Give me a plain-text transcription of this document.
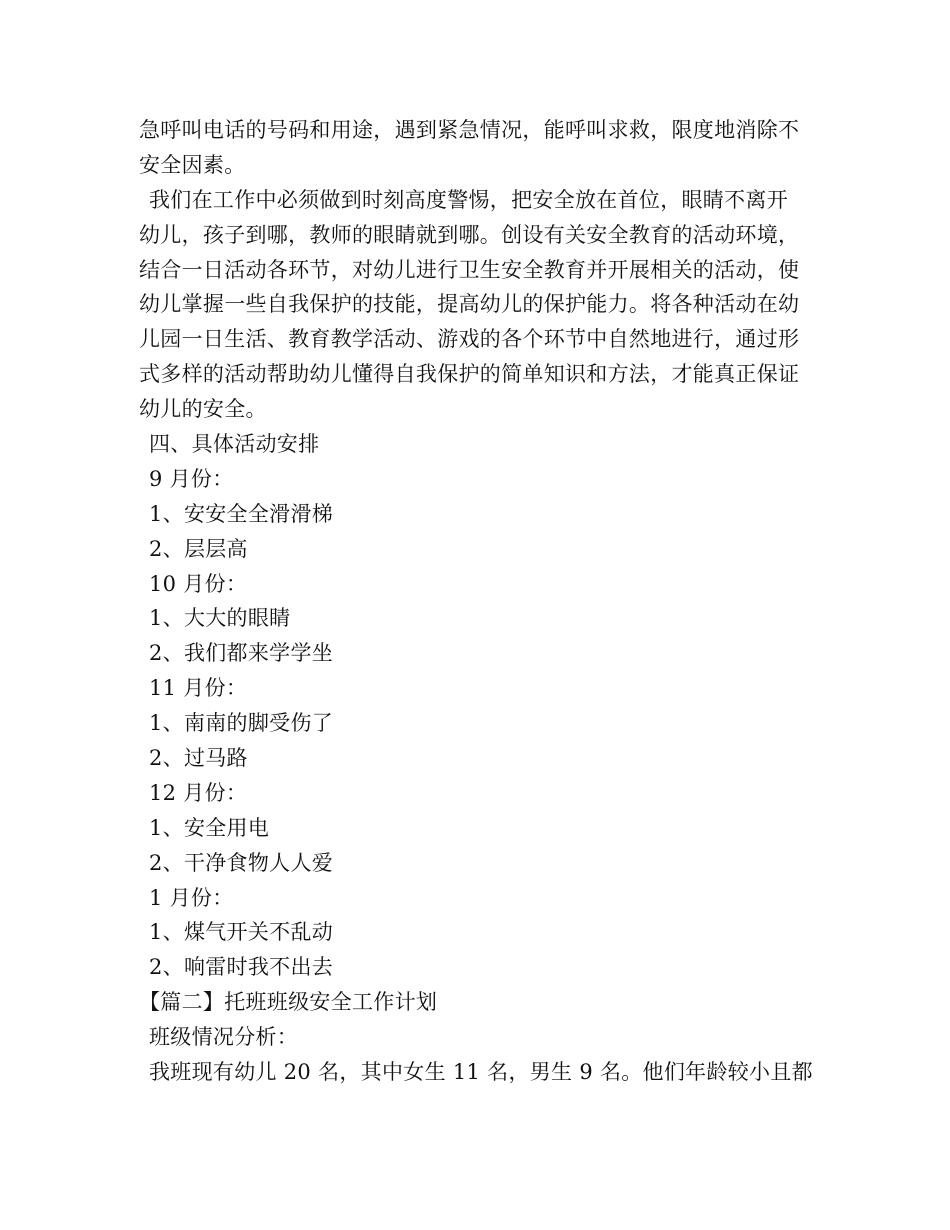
急呼叫电话的号码和用途，遇到紧急情况，能呼叫求救，限度地消除不
安全因素。
我们在工作中必须做到时刻高度警惕，把安全放在首位，眼睛不离开
幼儿，孩子到哪，教师的眼睛就到哪。创设有关安全教育的活动环境，
结合一日活动各环节，对幼儿进行卫生安全教育并开展相关的活动，使
幼儿掌握一些自我保护的技能，提高幼儿的保护能力。将各种活动在幼
儿园一日生活、教育教学活动、游戏的各个环节中自然地进行，通过形
式多样的活动帮助幼儿懂得自我保护的简单知识和方法，才能真正保证
幼儿的安全。
四、具体活动安排
9 月份：
1、安安全全滑滑梯
2、层层高
10 月份：
1、大大的眼睛
2、我们都来学学坐
11 月份：
1、南南的脚受伤了
2、过马路
12 月份：
1、安全用电
2、干净食物人人爱
1 月份：
1、煤气开关不乱动
2、响雷时我不出去
【篇二】托班班级安全工作计划
班级情况分析：
我班现有幼儿 20 名，其中女生 11 名，男生 9 名。他们年龄较小且都
